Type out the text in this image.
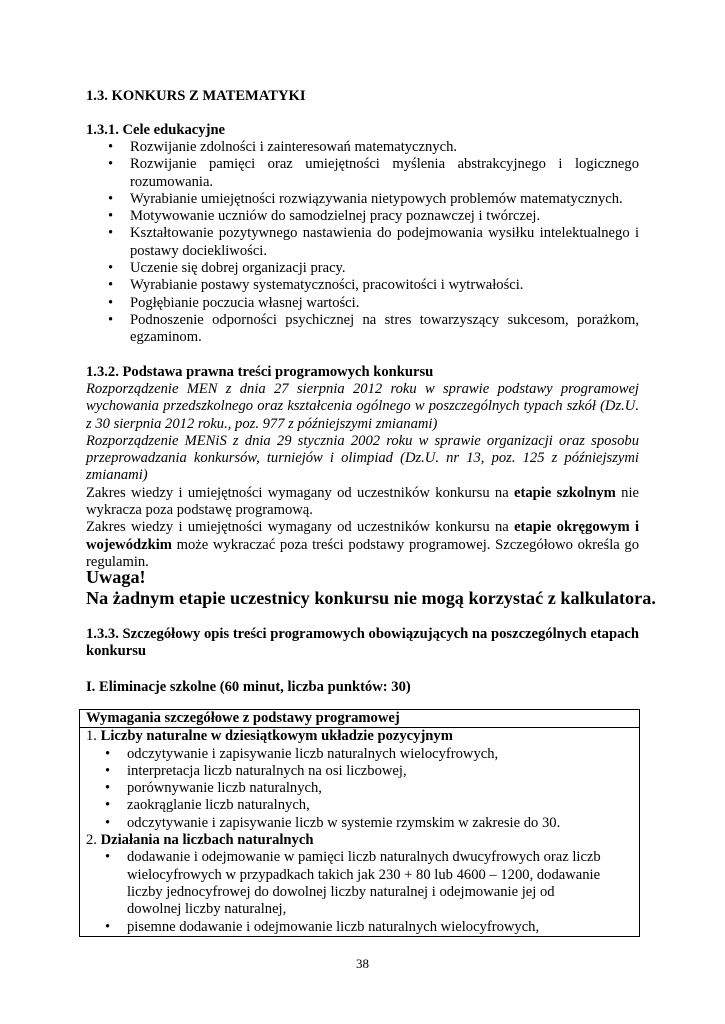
1.3. KONKURS Z MATEMATYKI
1.3.1. Cele edukacyjne
• Rozwijanie zdolności i zainteresowań matematycznych.
• Rozwijanie pamięci oraz umiejętności myślenia abstrakcyjnego i logicznego rozumowania.
• Wyrabianie umiejętności rozwiązywania nietypowych problemów matematycznych.
• Motywowanie uczniów do samodzielnej pracy poznawczej i twórczej.
• Kształtowanie pozytywnego nastawienia do podejmowania wysiłku intelektualnego i postawy dociekliwości.
• Uczenie się dobrej organizacji pracy.
• Wyrabianie postawy systematyczności, pracowitości i wytrwałości.
• Pogłębianie poczucia własnej wartości.
• Podnoszenie odporności psychicznej na stres towarzyszący sukcesom, porażkom, egzaminom.
1.3.2. Podstawa prawna treści programowych konkursu
Rozporządzenie MEN z dnia 27 sierpnia 2012 roku w sprawie podstawy programowej wychowania przedszkolnego oraz kształcenia ogólnego w poszczególnych typach szkół (Dz.U. z 30 sierpnia 2012 roku., poz. 977 z późniejszymi zmianami)
Rozporządzenie MENiS z dnia 29 stycznia 2002 roku w sprawie organizacji oraz sposobu przeprowadzania konkursów, turniejów i olimpiad (Dz.U. nr 13, poz. 125 z późniejszymi zmianami)
Zakres wiedzy i umiejętności wymagany od uczestników konkursu na etapie szkolnym nie wykracza poza podstawę programową.
Zakres wiedzy i umiejętności wymagany od uczestników konkursu na etapie okręgowym i wojewódzkim może wykraczać poza treści podstawy programowej. Szczegółowo określa go regulamin.
Uwaga!
Na żadnym etapie uczestnicy konkursu nie mogą korzystać z kalkulatora.
1.3.3. Szczegółowy opis treści programowych obowiązujących na poszczególnych etapach konkursu
I. Eliminacje szkolne (60 minut, liczba punktów: 30)
Wymagania szczegółowe z podstawy programowej

1. Liczby naturalne w dziesiątkowym układzie pozycyjnym
• odczytywanie i zapisywanie liczb naturalnych wielocyfrowych,
• interpretacja liczb naturalnych na osi liczbowej,
• porównywanie liczb naturalnych,
• zaokrąglanie liczb naturalnych,
• odczytywanie i zapisywanie liczb w systemie rzymskim w zakresie do 30.
2. Działania na liczbach naturalnych
• dodawanie i odejmowanie w pamięci liczb naturalnych dwucyfrowych oraz liczb wielocyfrowych w przypadkach takich jak 230 + 80 lub 4600 – 1200, dodawanie liczby jednocyfrowej do dowolnej liczby naturalnej i odejmowanie jej od dowolnej liczby naturalnej,
• pisemne dodawanie i odejmowanie liczb naturalnych wielocyfrowych,
38
